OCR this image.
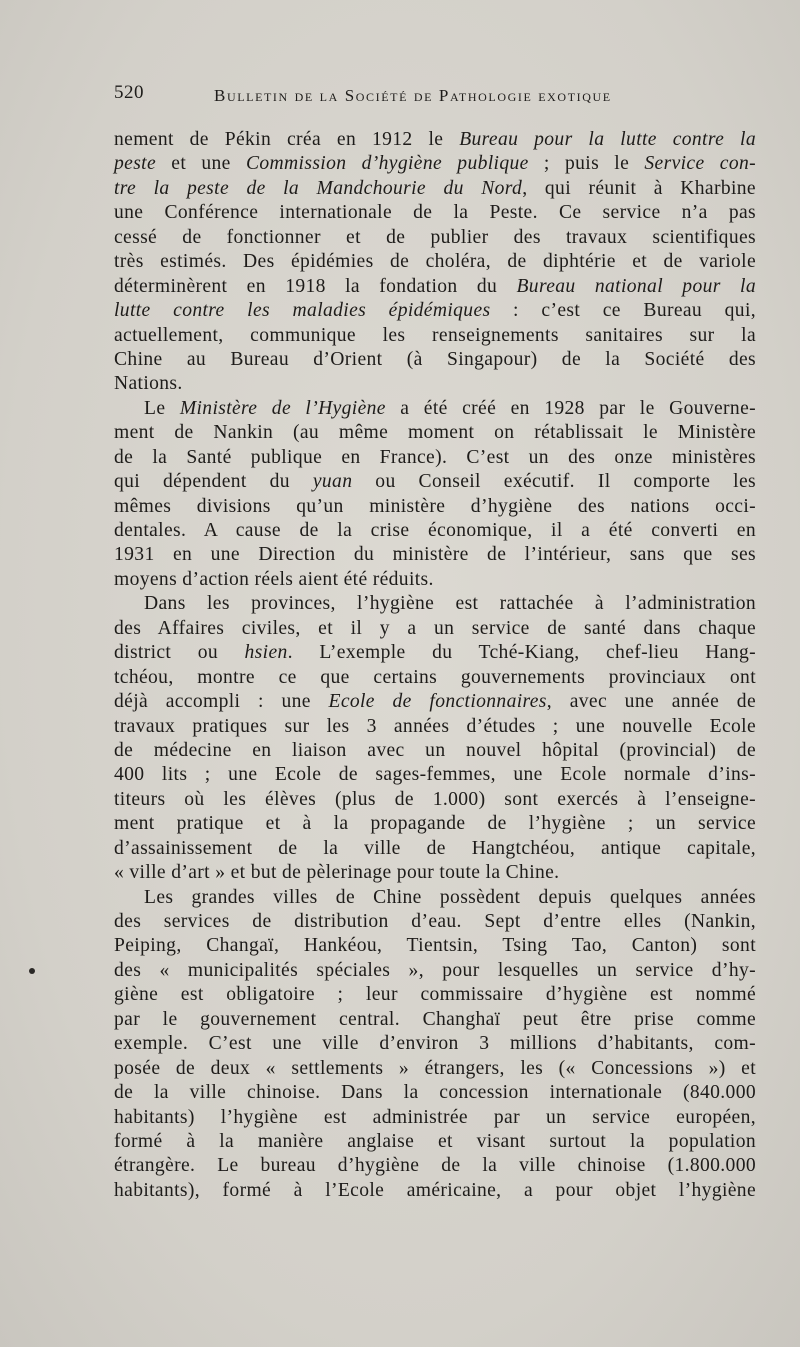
520	Bulletin de la Société de Pathologie exotique
nement de Pékin créa en 1912 le Bureau pour la lutte contre la
peste et une Commission d’hygiène publique ; puis le Service con-
tre la peste de la Mandchourie du Nord, qui réunit à Kharbine
une Conférence internationale de la Peste. Ce service n’a pas
cessé de fonctionner et de publier des travaux scientifiques
très estimés. Des épidémies de choléra, de diphtérie et de variole
déterminèrent en 1918 la fondation du Bureau national pour la
lutte contre les maladies épidémiques : c’est ce Bureau qui,
actuellement, communique les renseignements sanitaires sur la
Chine au Bureau d’Orient (à Singapour) de la Société des
Nations.
Le Ministère de l’Hygiène a été créé en 1928 par le Gouverne-
ment de Nankin (au même moment on rétablissait le Ministère
de la Santé publique en France). C’est un des onze ministères
qui dépendent du yuan ou Conseil exécutif. Il comporte les
mêmes divisions qu’un ministère d’hygiène des nations occi-
dentales. A cause de la crise économique, il a été converti en
1931 en une Direction du ministère de l’intérieur, sans que ses
moyens d’action réels aient été réduits.
Dans les provinces, l’hygiène est rattachée à l’administration
des Affaires civiles, et il y a un service de santé dans chaque
district ou hsien. L’exemple du Tché-Kiang, chef-lieu Hang-
tchéou, montre ce que certains gouvernements provinciaux ont
déjà accompli : une Ecole de fonctionnaires, avec une année de
travaux pratiques sur les 3 années d’études ; une nouvelle Ecole
de médecine en liaison avec un nouvel hôpital (provincial) de
400 lits ; une Ecole de sages-femmes, une Ecole normale d’ins-
titeurs où les élèves (plus de 1.000) sont exercés à l’enseigne-
ment pratique et à la propagande de l’hygiène ; un service
d’assainissement de la ville de Hangtchéou, antique capitale,
« ville d’art » et but de pèlerinage pour toute la Chine.
Les grandes villes de Chine possèdent depuis quelques années
des services de distribution d’eau. Sept d’entre elles (Nankin,
Peiping, Changaï, Hankéou, Tientsin, Tsing Tao, Canton) sont
des « municipalités spéciales », pour lesquelles un service d’hy-
giène est obligatoire ; leur commissaire d’hygiène est nommé
par le gouvernement central. Changhaï peut être prise comme
exemple. C’est une ville d’environ 3 millions d’habitants, com-
posée de deux « settlements » étrangers, les (« Concessions ») et
de la ville chinoise. Dans la concession internationale (840.000
habitants) l’hygiène est administrée par un service européen,
formé à la manière anglaise et visant surtout la population
étrangère. Le bureau d’hygiène de la ville chinoise (1.800.000
habitants), formé à l’Ecole américaine, a pour objet l’hygiène
